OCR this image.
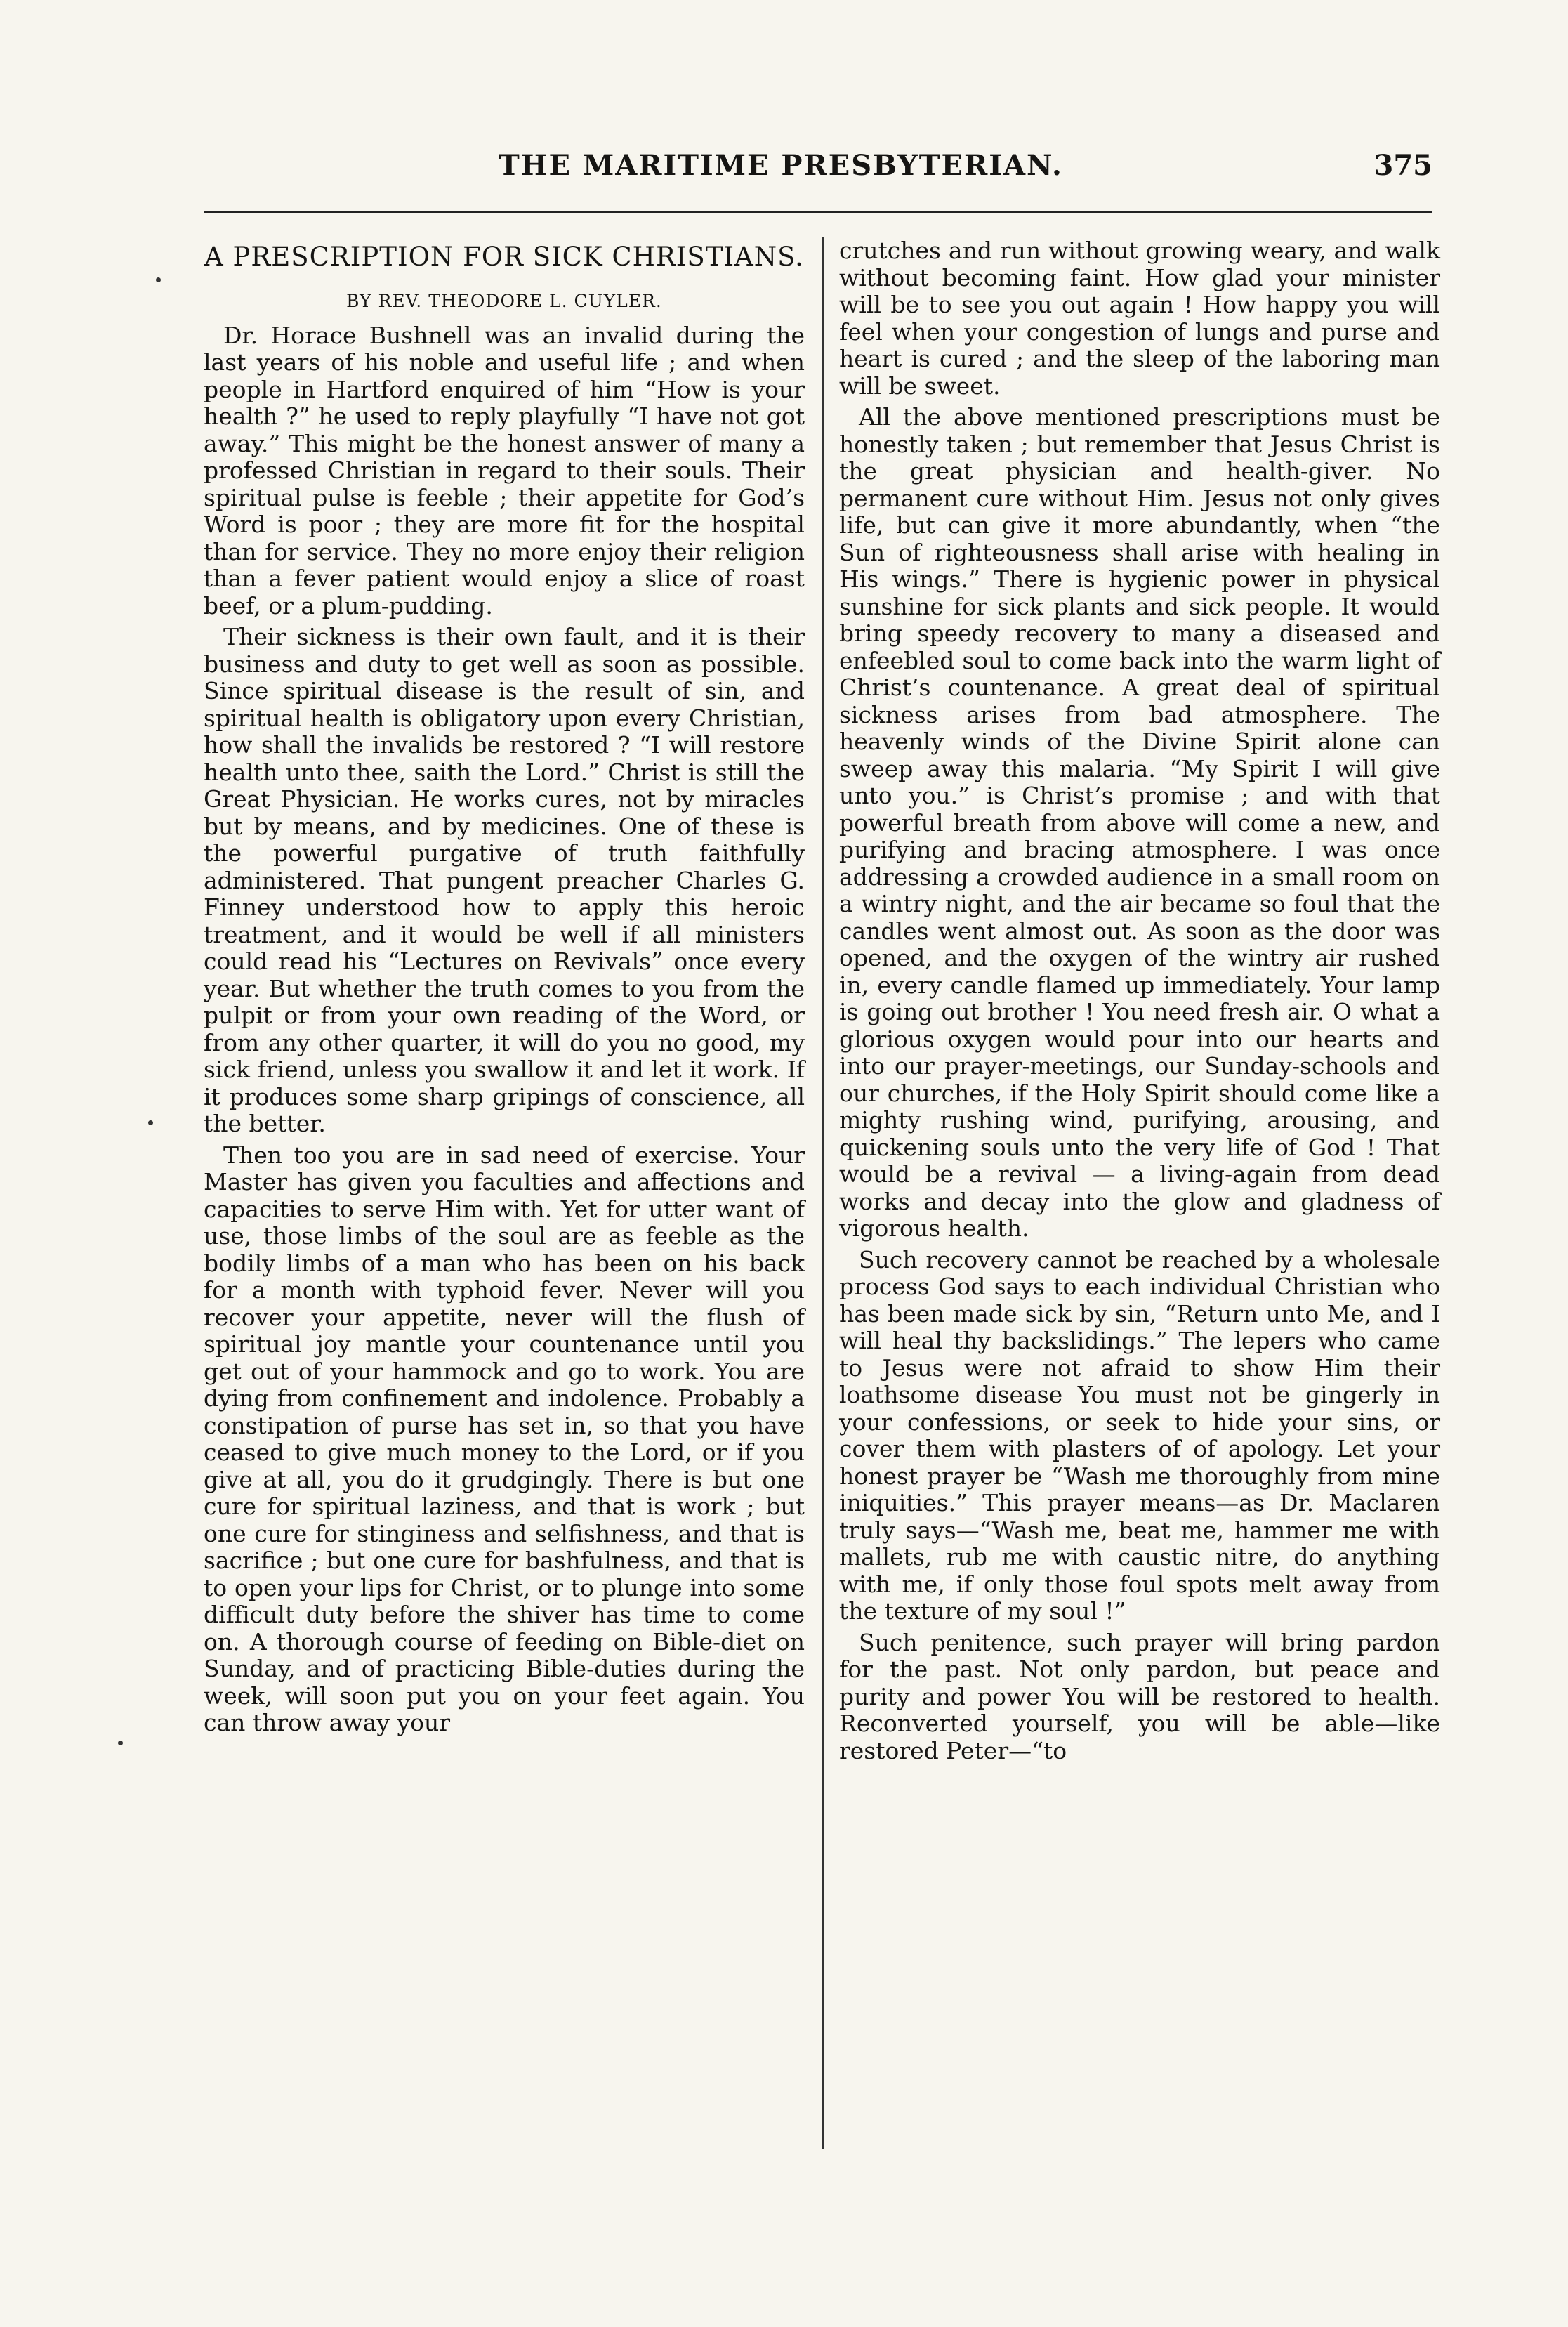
THE MARITIME PRESBYTERIAN.	375
A PRESCRIPTION FOR SICK CHRISTIANS.
BY REV. THEODORE L. CUYLER.

Dr. Horace Bushnell was an invalid during the last years of his noble and useful life ; and when people in Hartford enquired of him “How is your health ?” he used to reply playfully “I have not got away.” This might be the honest answer of many a professed Christian in regard to their souls. Their spiritual pulse is feeble ; their appetite for God’s Word is poor ; they are more fit for the hospital than for service. They no more enjoy their religion than a fever patient would enjoy a slice of roast beef, or a plum-pudding.

Their sickness is their own fault, and it is their business and duty to get well as soon as possible. Since spiritual disease is the result of sin, and spiritual health is obligatory upon every Christian, how shall the invalids be restored ? “I will restore health unto thee, saith the Lord.” Christ is still the Great Physician. He works cures, not by miracles but by means, and by medicines. One of these is the powerful purgative of truth faithfully administered. That pungent preacher Charles G. Finney understood how to apply this heroic treatment, and it would be well if all ministers could read his “Lectures on Revivals” once every year. But whether the truth comes to you from the pulpit or from your own reading of the Word, or from any other quarter, it will do you no good, my sick friend, unless you swallow it and let it work. If it produces some sharp gripings of conscience, all the better.

Then too you are in sad need of exercise. Your Master has given you faculties and affections and capacities to serve Him with. Yet for utter want of use, those limbs of the soul are as feeble as the bodily limbs of a man who has been on his back for a month with typhoid fever. Never will you recover your appetite, never will the flush of spiritual joy mantle your countenance until you get out of your hammock and go to work. You are dying from confinement and indolence. Probably a constipation of purse has set in, so that you have ceased to give much money to the Lord, or if you give at all, you do it grudgingly. There is but one cure for spiritual laziness, and that is work ; but one cure for stinginess and selfishness, and that is sacrifice ; but one cure for bashfulness, and that is to open your lips for Christ, or to plunge into some difficult duty before the shiver has time to come on. A thorough course of feeding on Bible-diet on Sunday, and of practicing Bible-duties during the week, will soon put you on your feet again. You can throw away your

crutches and run without growing weary, and walk without becoming faint. How glad your minister will be to see you out again ! How happy you will feel when your congestion of lungs and purse and heart is cured ; and the sleep of the laboring man will be sweet.

All the above mentioned prescriptions must be honestly taken ; but remember that Jesus Christ is the great physician and health-giver. No permanent cure without Him. Jesus not only gives life, but can give it more abundantly, when “the Sun of righteousness shall arise with healing in His wings.” There is hygienic power in physical sunshine for sick plants and sick people. It would bring speedy recovery to many a diseased and enfeebled soul to come back into the warm light of Christ’s countenance. A great deal of spiritual sickness arises from bad atmosphere. The heavenly winds of the Divine Spirit alone can sweep away this malaria. “My Spirit I will give unto you.” is Christ’s promise ; and with that powerful breath from above will come a new, and purifying and bracing atmosphere. I was once addressing a crowded audience in a small room on a wintry night, and the air became so foul that the candles went almost out. As soon as the door was opened, and the oxygen of the wintry air rushed in, every candle flamed up immediately. Your lamp is going out brother ! You need fresh air. O what a glorious oxygen would pour into our hearts and into our prayer-meetings, our Sunday-schools and our churches, if the Holy Spirit should come like a mighty rushing wind, purifying, arousing, and quickening souls unto the very life of God ! That would be a revival — a living-again from dead works and decay into the glow and gladness of vigorous health.

Such recovery cannot be reached by a wholesale process God says to each individual Christian who has been made sick by sin, “Return unto Me, and I will heal thy backslidings.” The lepers who came to Jesus were not afraid to show Him their loathsome disease You must not be gingerly in your confessions, or seek to hide your sins, or cover them with plasters of of apology. Let your honest prayer be “Wash me thoroughly from mine iniquities.” This prayer means—as Dr. Maclaren truly says—“Wash me, beat me, hammer me with mallets, rub me with caustic nitre, do anything with me, if only those foul spots melt away from the texture of my soul !”

Such penitence, such prayer will bring pardon for the past. Not only pardon, but peace and purity and power You will be restored to health. Reconverted yourself, you will be able—like restored Peter—“to
